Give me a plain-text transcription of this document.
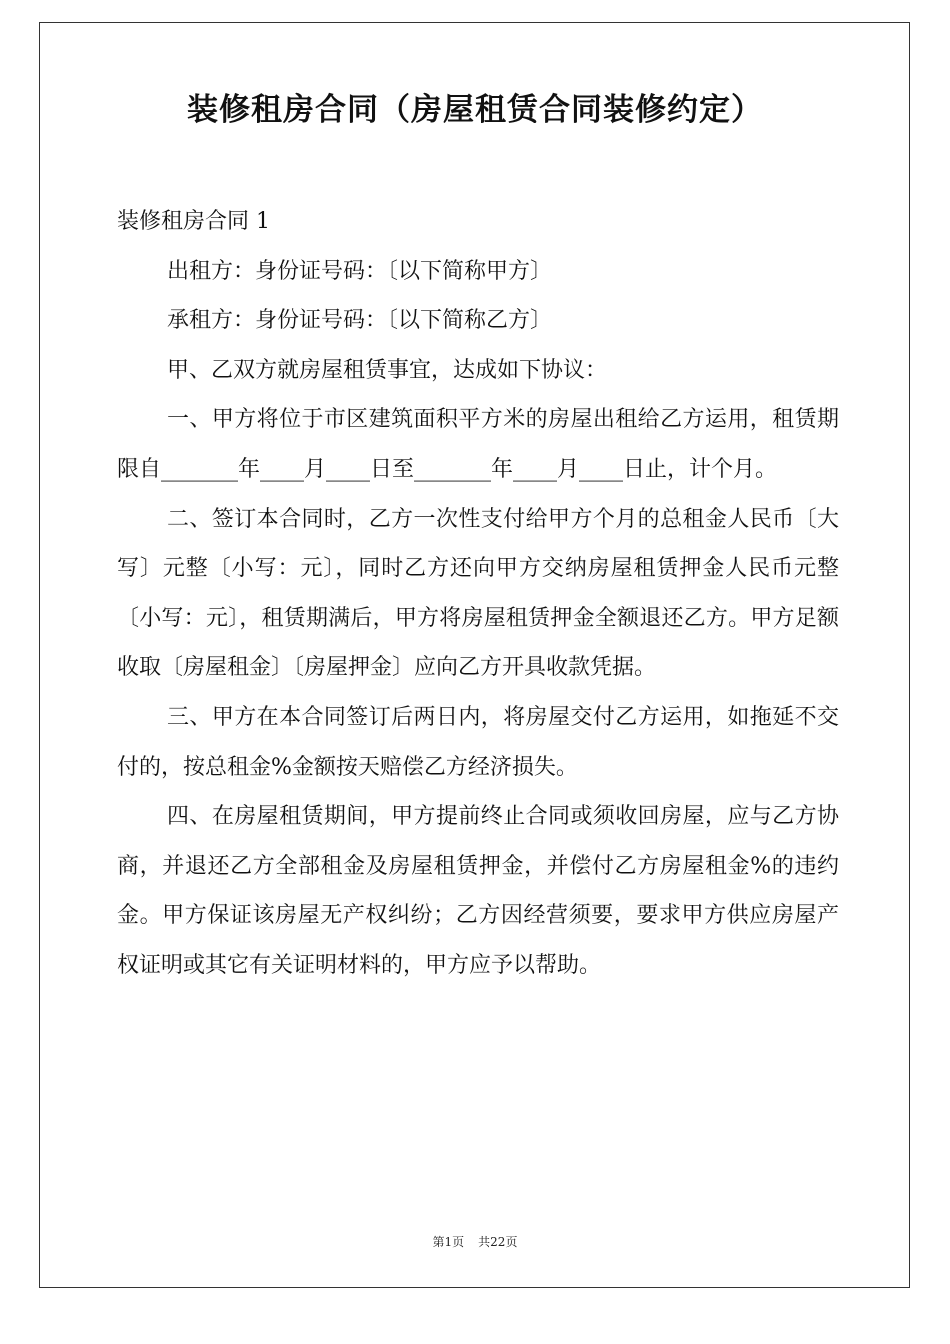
装修租房合同（房屋租赁合同装修约定）

装修租房合同 1

出租方：身份证号码：〔以下简称甲方〕

承租方：身份证号码：〔以下简称乙方〕

甲、乙双方就房屋租赁事宜，达成如下协议：

一、甲方将位于市区建筑面积平方米的房屋出租给乙方运用，租赁期限自_______年____月____日至_______年____月____日止，计个月。

二、签订本合同时，乙方一次性支付给甲方个月的总租金人民币〔大写〕元整〔小写：元〕，同时乙方还向甲方交纳房屋租赁押金人民币元整〔小写：元〕，租赁期满后，甲方将房屋租赁押金全额退还乙方。甲方足额收取〔房屋租金〕〔房屋押金〕应向乙方开具收款凭据。

三、甲方在本合同签订后两日内，将房屋交付乙方运用，如拖延不交付的，按总租金%金额按天赔偿乙方经济损失。

四、在房屋租赁期间，甲方提前终止合同或须收回房屋，应与乙方协商，并退还乙方全部租金及房屋租赁押金，并偿付乙方房屋租金%的违约金。甲方保证该房屋无产权纠纷；乙方因经营须要，要求甲方供应房屋产权证明或其它有关证明材料的，甲方应予以帮助。

第1页 共22页
